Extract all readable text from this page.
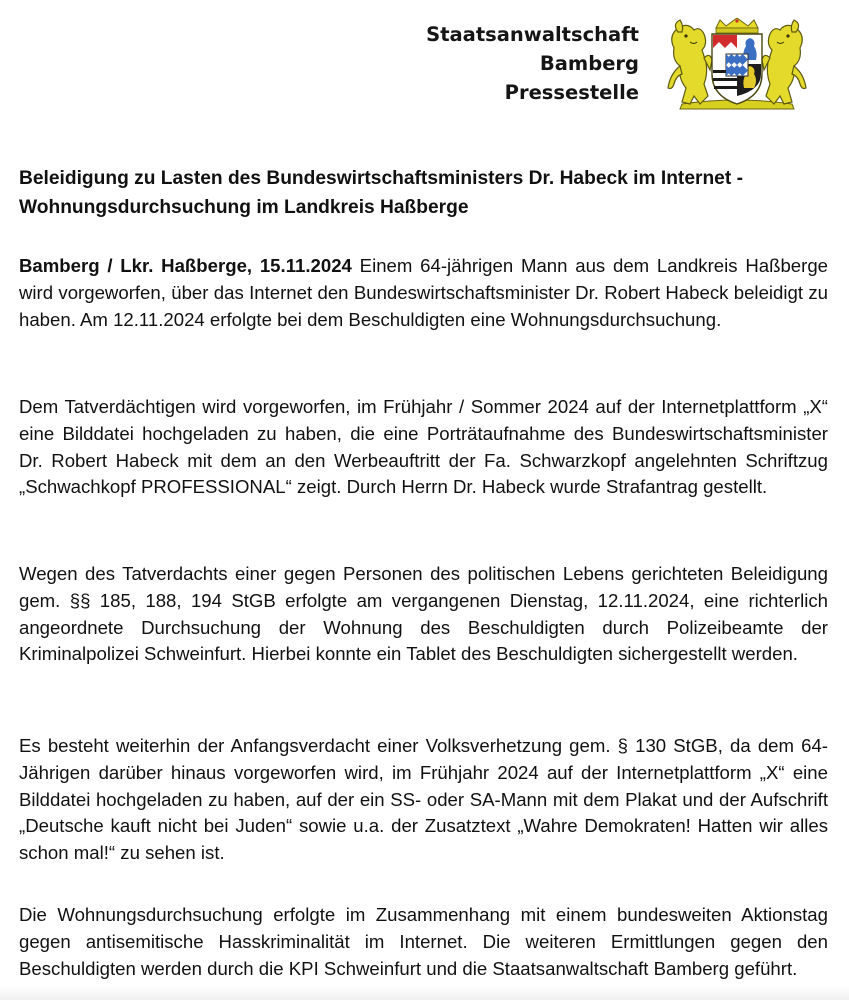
Staatsanwaltschaft
Bamberg
Pressestelle
Beleidigung zu Lasten des Bundeswirtschaftsministers Dr. Habeck im Internet - Wohnungsdurchsuchung im Landkreis Haßberge

Bamberg / Lkr. Haßberge, 15.11.2024 Einem 64-jährigen Mann aus dem Landkreis Haßberge wird vorgeworfen, über das Internet den Bundeswirtschaftsminister Dr. Robert Habeck beleidigt zu haben. Am 12.11.2024 erfolgte bei dem Beschuldigten eine Wohnungsdurchsuchung.

Dem Tatverdächtigen wird vorgeworfen, im Frühjahr / Sommer 2024 auf der Internetplattform „X“ eine Bilddatei hochgeladen zu haben, die eine Porträtaufnahme des Bundeswirtschaftsminister Dr. Robert Habeck mit dem an den Werbeauftritt der Fa. Schwarzkopf angelehnten Schriftzug „Schwachkopf PROFESSIONAL“ zeigt. Durch Herrn Dr. Habeck wurde Strafantrag gestellt.

Wegen des Tatverdachts einer gegen Personen des politischen Lebens gerichteten Beleidigung gem. §§ 185, 188, 194 StGB erfolgte am vergangenen Dienstag, 12.11.2024, eine richterlich angeordnete Durchsuchung der Wohnung des Beschuldigten durch Polizeibeamte der Kriminalpolizei Schweinfurt. Hierbei konnte ein Tablet des Beschuldigten sichergestellt werden.

Es besteht weiterhin der Anfangsverdacht einer Volksverhetzung gem. § 130 StGB, da dem 64-Jährigen darüber hinaus vorgeworfen wird, im Frühjahr 2024 auf der Internetplattform „X“ eine Bilddatei hochgeladen zu haben, auf der ein SS- oder SA-Mann mit dem Plakat und der Aufschrift „Deutsche kauft nicht bei Juden“ sowie u.a. der Zusatztext „Wahre Demokraten! Hatten wir alles schon mal!“ zu sehen ist.

Die Wohnungsdurchsuchung erfolgte im Zusammenhang mit einem bundesweiten Aktionstag gegen antisemitische Hasskriminalität im Internet. Die weiteren Ermittlungen gegen den Beschuldigten werden durch die KPI Schweinfurt und die Staatsanwaltschaft Bamberg geführt.
